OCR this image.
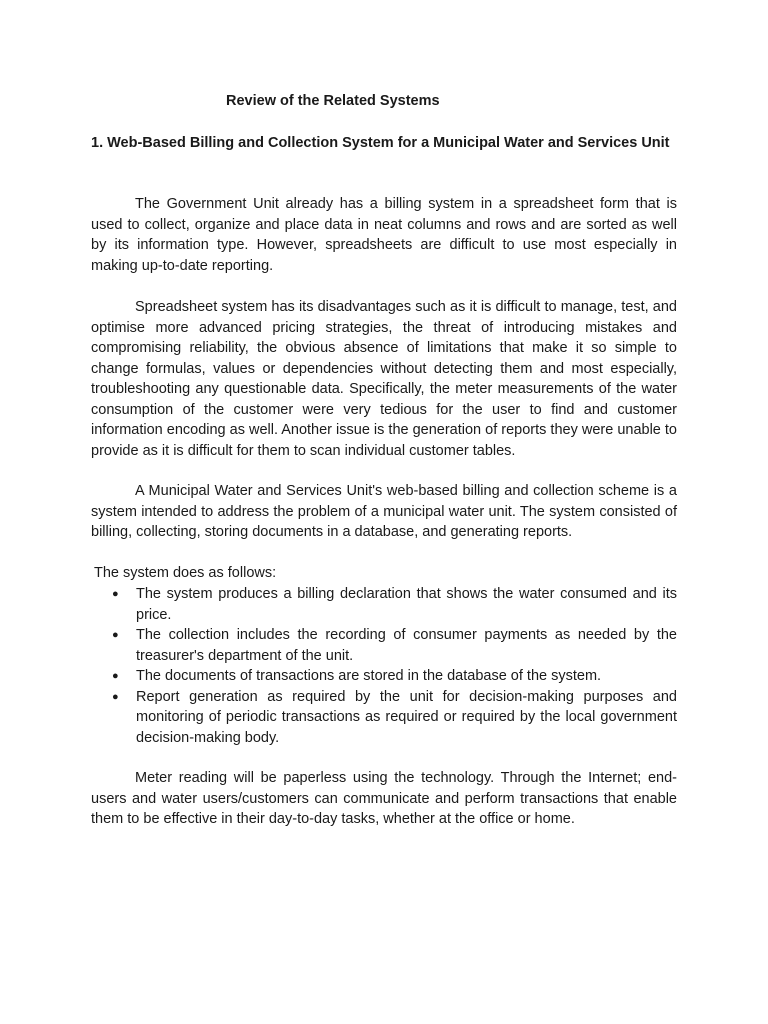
Review of the Related Systems
1. Web-Based Billing and Collection System for a Municipal Water and Services Unit

The Government Unit already has a billing system in a spreadsheet form that is used to collect, organize and place data in neat columns and rows and are sorted as well by its information type. However, spreadsheets are difficult to use most especially in making up-to-date reporting.

Spreadsheet system has its disadvantages such as it is difficult to manage, test, and optimise more advanced pricing strategies, the threat of introducing mistakes and compromising reliability, the obvious absence of limitations that make it so simple to change formulas, values or dependencies without detecting them and most especially, troubleshooting any questionable data. Specifically, the meter measurements of the water consumption of the customer were very tedious for the user to find and customer information encoding as well. Another issue is the generation of reports they were unable to provide as it is difficult for them to scan individual customer tables.

A Municipal Water and Services Unit's web-based billing and collection scheme is a system intended to address the problem of a municipal water unit. The system consisted of billing, collecting, storing documents in a database, and generating reports.

The system does as follows:

● The system produces a billing declaration that shows the water consumed and its price.
● The collection includes the recording of consumer payments as needed by the treasurer's department of the unit.
● The documents of transactions are stored in the database of the system.
● Report generation as required by the unit for decision-making purposes and monitoring of periodic transactions as required or required by the local government decision-making body.

Meter reading will be paperless using the technology. Through the Internet; end-users and water users/customers can communicate and perform transactions that enable them to be effective in their day-to-day tasks, whether at the office or home.
